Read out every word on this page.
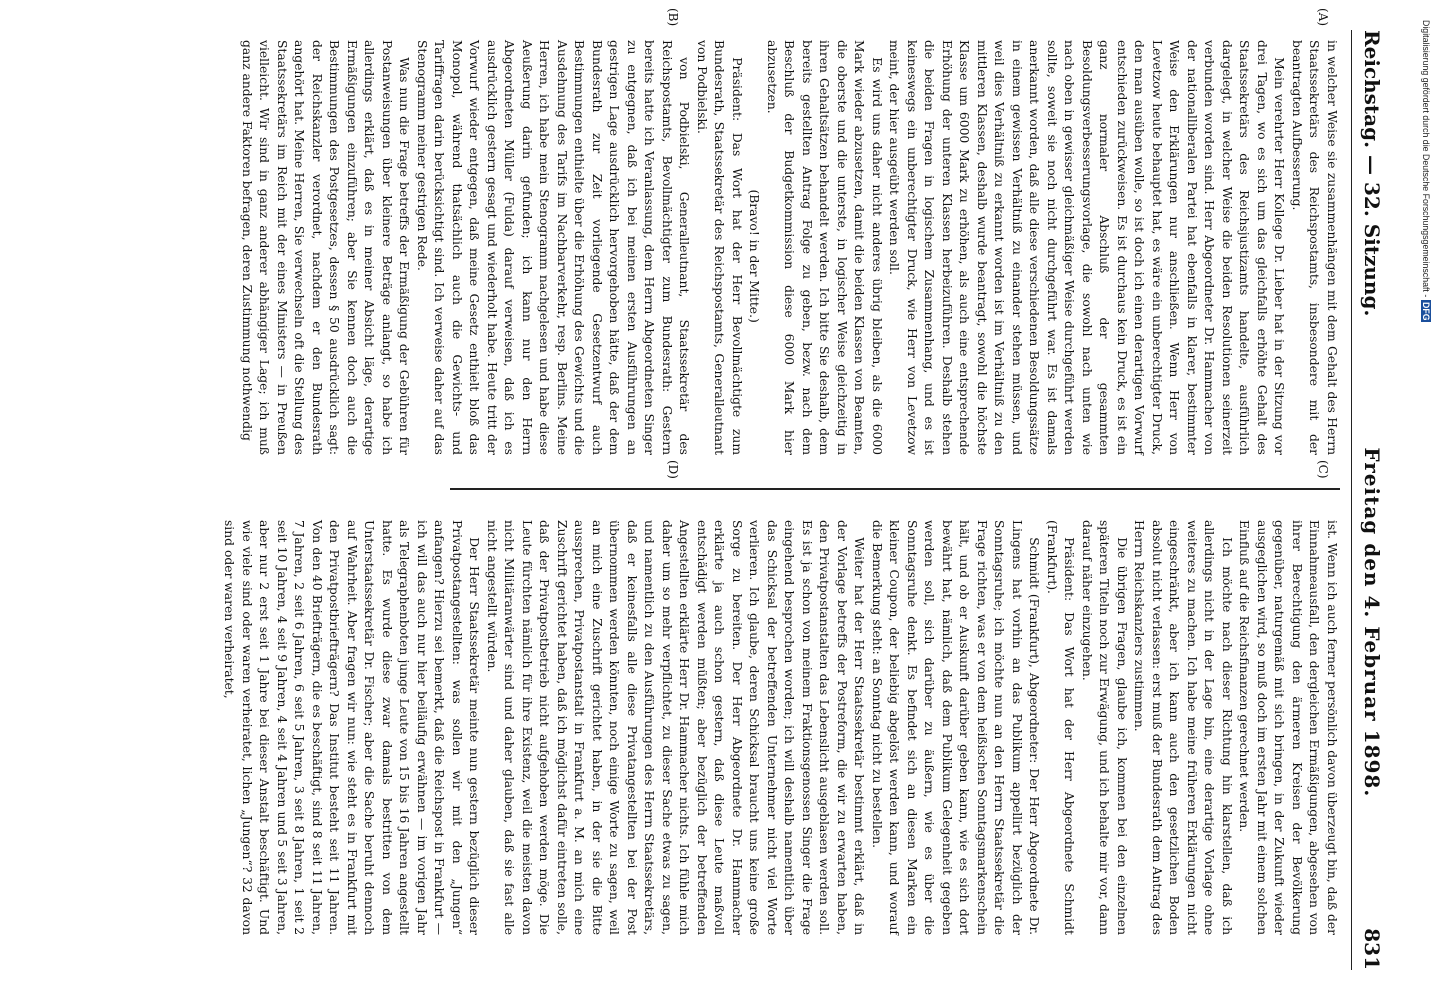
Reichstag. — 32. Sitzung.
Freitag den 4. Februar 1898.
831
(A)
(B)
(C)
(D)

in welcher Weise sie zusammenhängen mit dem Gehalt des Herrn Staatssekretärs des Reichspostamts, insbesondere mit der beantragten Aufbesserung.

Mein verehrter Herr Kollege Dr. Lieber hat in der Sitzung vor drei Tagen, wo es sich um das gleichfalls erhöhte Gehalt des Staatssekretärs des Reichsjustizamts handelte, ausführlich dargelegt, in welcher Weise die beiden Resolutionen seinerzeit verbunden worden sind. Herr Abgeordneter Dr. Hammacher von der nationalliberalen Partei hat ebenfalls in klarer, bestimmter Weise den Erklärungen nur anschließen. Wenn Herr von Levetzow heute behauptet hat, es wäre ein unberechtigter Druck, den man ausüben wolle, so ist doch ich einen derartigen Vorwurf entschieden zurückweisen. Es ist durchaus kein Druck, es ist ein ganz normaler Abschluß der gesammten Besoldungsverbesserungsvorlage, die sowohl nach unten wie nach oben in gewisser gleichmäßiger Weise durchgeführt werden sollte, soweit sie noch nicht durchgeführt war. Es ist damals anerkannt worden, daß alle diese verschiedenen Besoldungssätze in einem gewissen Verhältniß zu einander stehen müssen, und weil dies Verhältniß zu erkannt worden ist im Verhältniß zu den mittleren Klassen, deshalb wurde beantragt, sowohl die höchste Klasse um 6000 Mark zu erhöhen, als auch eine entsprechende Erhöhung der unteren Klassen herbeizuführen. Deshalb stehen die beiden Fragen in logischem Zusammenhang, und es ist keineswegs ein unberechtigter Druck, wie Herr von Levetzow meint, der hier ausgeübt werden soll.

Es wird uns daher nicht anderes übrig bleiben, als die 6000 Mark wieder abzusetzen, damit die beiden Klassen von Beamten, die oberste und die unterste, in logischer Weise gleichzeitig in ihren Gehaltsätzen behandelt werden. Ich bitte Sie deshalb, dem bereits gestellten Antrag Folge zu geben, bezw. nach dem Beschluß der Budgetkommission diese 6000 Mark hier abzusetzen.

(Bravo! in der Mitte.)

Präsident: Das Wort hat der Herr Bevollmächtigte zum Bundesrath, Staatssekretär des Reichspostamts, Generalleutnant von Podbielski.

von Podbielski, Generalleutnant, Staatssekretär des Reichspostamts, Bevollmächtigter zum Bundesrath: Gestern bereits hatte ich Veranlassung, dem Herrn Abgeordneten Singer zu entgegnen, daß ich bei meinen ersten Ausführungen an gestrigen Lage ausdrücklich hervorgehoben hätte, daß der dem Bundesrath zur Zeit vorliegende Gesetzentwurf auch Bestimmungen enthielte über die Erhöhung des Gewichts und die Ausdehnung des Tarifs im Nachbarverkehr, resp. Berlins. Meine Herren, ich habe mein Stenogramm nachgelesen und habe diese Aeußerung darin gefunden; ich kann nur den Herrn Abgeordneten Müller (Fulda) darauf verweisen, daß ich es ausdrücklich gestern gesagt und wiederholt habe. Heute tritt der Vorwurf wieder entgegen, daß meine Gesetz enthielt bloß das Monopol, während thatsächlich auch die Gewichts- und Tariffragen darin berücksichtigt sind. Ich verweise daher auf das Stenogramm meiner gestrigen Rede.

Was nun die Frage betreffs der Ermäßigung der Gebühren für Postanweisungen über kleinere Beträge anlangt, so habe ich allerdings erklärt, daß es in meiner Absicht läge, derartige Ermäßigungen einzuführen; aber Sie kennen doch auch die Bestimmungen des Postgesetzes, dessen § 50 ausdrücklich sagt: der Reichskanzler verordnet, nachdem er den Bundesrath angehört hat. Meine Herren, Sie verwechseln oft die Stellung des Staatssekretärs im Reich mit der eines Ministers — in Preußen vielleicht. Wir sind in ganz anderer abhängiger Lage; ich muß ganz andere Faktoren befragen, deren Zustimmung nothwendig

ist. Wenn ich auch ferner persönlich davon überzeugt bin, daß der Einnahmeausfall, den dergleichen Ermäßigungen, abgesehen von ihrer Berechtigung den ärmeren Kreisen der Bevölkerung gegenüber, naturgemäß mit sich bringen, in der Zukunft wieder ausgeglichen wird, so muß doch im ersten Jahr mit einem solchen Einfluß auf die Reichsfinanzen gerechnet werden.

Ich möchte nach dieser Richtung hin klarstellen, daß ich allerdings nicht in der Lage bin, eine derartige Vorlage ohne weiteres zu machen. Ich habe meine früheren Erklärungen nicht eingeschränkt, aber ich kann auch den gesetzlichen Boden absolut nicht verlassen: erst muß der Bundesrath dem Antrag des Herrn Reichskanzlers zustimmen.

Die übrigen Fragen, glaube ich, kommen bei den einzelnen späteren Titeln noch zur Erwägung, und ich behalte mir vor, dann darauf näher einzugehen.

Präsident: Das Wort hat der Herr Abgeordnete Schmidt (Frankfurt).

Schmidt (Frankfurt), Abgeordneter: Der Herr Abgeordnete Dr. Lingens hat vorhin an das Publikum appellirt bezüglich der Sonntagsruhe; ich möchte nun an den Herrn Staatssekretär die Frage richten, was er von dem heißischen Sonntagsmarkenschein hält, und ob er Auskunft darüber geben kann, wie es sich dort bewährt hat, nämlich, daß dem Publikum Gelegenheit gegeben werden soll, sich darüber zu äußern, wie es über die Sonntagsruhe denkt. Es befindet sich an diesen Marken ein kleiner Coupon, der beliebig abgelöst werden kann, und worauf die Bemerkung steht: an Sonntag nicht zu bestellen.

Weiter hat der Herr Staatssekretär bestimmt erklärt, daß in der Vorlage betreffs der Postreform, die wir zu erwarten haben, den Privatpostanstalten das Lebenslicht ausgeblasen werden soll. Es ist ja schon von meinem Fraktionsgenossen Singer die Frage eingehend besprochen worden; ich will deshalb namentlich über das Schicksal der betreffenden Unternehmer nicht viel Worte verlieren. Ich glaube, deren Schicksal braucht uns keine große Sorge zu bereiten. Der Herr Abgeordnete Dr. Hammacher erklärte ja auch schon gestern, daß diese Leute maßvoll entschädigt werden müßten; aber bezüglich der betreffenden Angestellten erklärte Herr Dr. Hammacher nichts. Ich fühle mich daher um so mehr verpflichtet, zu dieser Sache etwas zu sagen, und namentlich zu den Ausführungen des Herrn Staatssekretärs, daß er keinesfalls alle diese Privatangestellten bei der Post übernommen werden könnten, noch einige Worte zu sagen, weil an mich eine Zuschrift gerichtet haben, in der sie die Bitte aussprechen, Privatpostanstalt in Frankfurt a. M. an mich eine Zuschrift gerichtet haben, daß ich möglichst dafür eintreten solle, daß der Privatpostbetrieb nicht aufgehoben werden möge. Die Leute fürchten nämlich für ihre Existenz, weil die meisten davon nicht Militäranwärter sind und daher glauben, daß sie fast alle nicht angestellt würden.

Der Herr Staatssekretär meinte nun gestern bezüglich dieser Privatpostangestellten: was sollen wir mit den „Jungen“ anfangen? Hierzu sei bemerkt, daß die Reichspost in Frankfurt — ich will das auch nur hier beiläufig erwähnen — im vorigen Jahr als Telegraphenboten junge Leute von 15 bis 16 Jahren angestellt hatte. Es wurde diese zwar damals bestritten von dem Unterstaatssekretär Dr. Fischer; aber die Sache beruht dennoch auf Wahrheit. Aber fragen wir nun: wie steht es in Frankfurt mit den Privatpostbriefträgern? Das Institut besteht seit 11 Jahren. Von den 40 Briefträgern, die es beschäftigt, sind 8 seit 11 Jahren, 7 Jahren, 2 seit 6 Jahren, 6 seit 5 Jahren, 3 seit 8 Jahren, 1 seit 2 seit 10 Jahren, 4 seit 9 Jahren, 4 seit 4 Jahren und 5 seit 3 Jahren, aber nur 2 erst seit 1 Jahre bei dieser Anstalt beschäftigt. Und wie viele sind oder waren verheiratet, lichen „Jungen“? 32 davon sind oder waren verheiratet,

Digitalisierung gefördert durch die Deutsche Forschungsgemeinschaft - DFG
